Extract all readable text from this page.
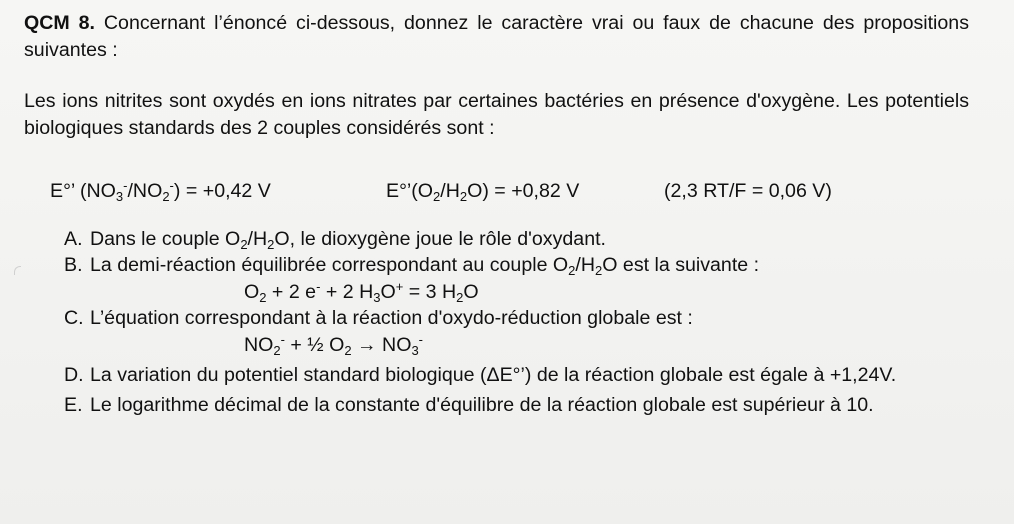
QCM 8. Concernant l’énoncé ci-dessous, donnez le caractère vrai ou faux de chacune des propositions suivantes :
Les ions nitrites sont oxydés en ions nitrates par certaines bactéries en présence d'oxygène. Les potentiels biologiques standards des 2 couples considérés sont :
E°’ $(NO_3^-/NO_2^-) = +0,42$ V	$E^\circ’(O_2/H_2O) = +0,82$ V	(2,3 RT/F = 0,06 V)
A. Dans le couple $O_2/H_2O$, le dioxygène joue le rôle d'oxydant.
B. La demi-réaction équilibrée correspondant au couple $O_2/H_2O$ est la suivante :
$O_2 + 2$ e- + 2 $H_3O^+ = 3$ $H_2O$
C. L’équation correspondant à la réaction d'oxydo-réduction globale est :
$NO_2^-$ + ½ $O_2 \to NO_3^-$
D. La variation du potentiel standard biologique (ΔE°’) de la réaction globale est égale à +1,24V.
E. Le logarithme décimal de la constante d'équilibre de la réaction globale est supérieur à 10.
